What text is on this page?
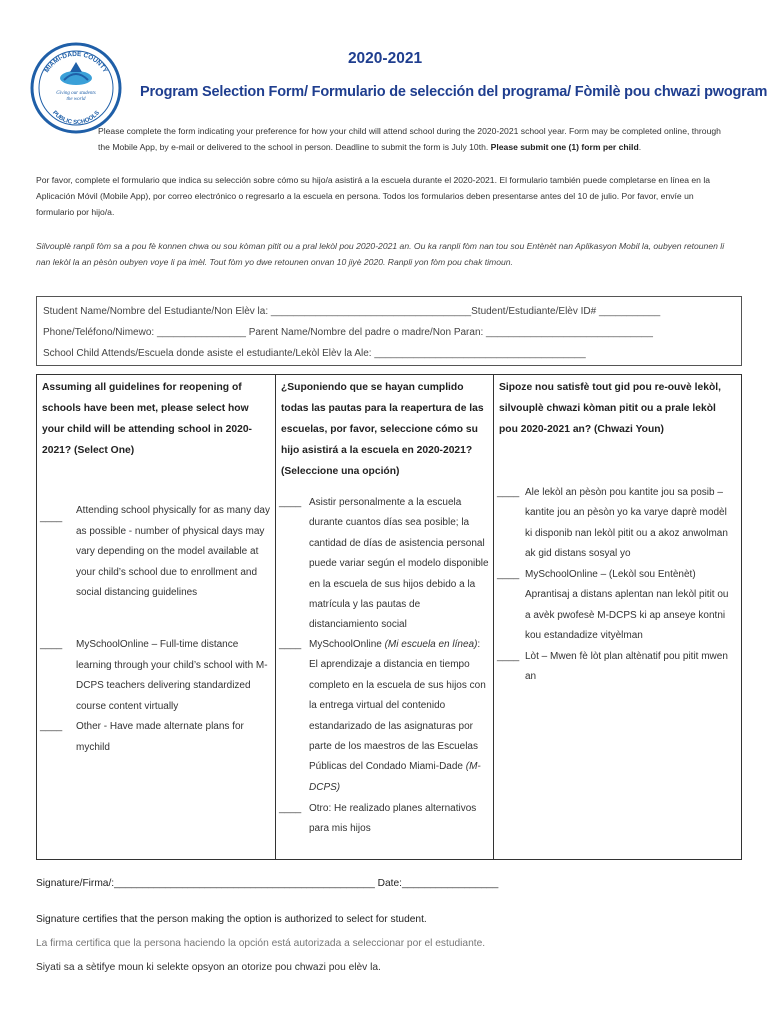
MIAMI-DADE COUNTY
Giving our students
the world
PUBLIC SCHOOLS
2020-2021
Program Selection Form/ Formulario de selección del programa/ Fòmilè pou chwazi pwogram
Please complete the form indicating your preference for how your child will attend school during the 2020-2021 school year. Form may be completed online, through
the Mobile App, by e-mail or delivered to the school in person. Deadline to submit the form is July 10th. Please submit one (1) form per child.
Por favor, complete el formulario que indica su selección sobre cómo su hijo/a asistirá a la escuela durante el 2020-2021. El formulario también puede completarse en línea en la
Aplicación Móvil (Mobile App), por correo electrónico o regresarlo a la escuela en persona. Todos los formularios deben presentarse antes del 10 de julio. Por favor, envíe un
formulario por hijo/a.
Silvouplè ranpli fòm sa a pou fè konnen chwa ou sou kòman pitit ou a pral lekòl pou 2020-2021 an. Ou ka ranpli fòm nan tou sou Entènèt nan Aplikasyon Mobil la, oubyen retounen li
nan lekòl la an pèsòn oubyen voye li pa imèl. Tout fòm yo dwe retounen onvan 10 jiyè 2020. Ranpli yon fòm pou chak timoun.
Student Name/Nombre del Estudiante/Non Elèv la: ____________________________________Student/Estudiante/Elèv ID# ___________
Phone/Teléfono/Nimewo: ________________ Parent Name/Nombre del padre o madre/Non Paran: ______________________________
School Child Attends/Escuela donde asiste el estudiante/Lekòl Elèv la Ale: ______________________________________
Assuming all guidelines for reopening of schools have been met, please select how your child will be attending school in 2020-2021? (Select One)
____
Attending school physically for as many day as possible - number of physical days may vary depending on the model available at your child’s school due to enrollment and social distancing guidelines
____	MySchoolOnline – Full-time distance learning through your child’s school with M-DCPS teachers delivering standardized course content virtually
____	Other - Have made alternate plans for mychild
¿Suponiendo que se hayan cumplido todas las pautas para la reapertura de las escuelas, por favor, seleccione cómo su hijo asistirá a la escuela en 2020-2021? (Seleccione una opción)
____ Asistir personalmente a la escuela durante cuantos días sea posible; la cantidad de días de asistencia personal puede variar según el modelo disponible en la escuela de sus hijos debido a la matrícula y las pautas de distanciamiento social
____ MySchoolOnline (Mi escuela en línea): El aprendizaje a distancia en tiempo completo en la escuela de sus hijos con la entrega virtual del contenido estandarizado de las asignaturas por parte de los maestros de las Escuelas Públicas del Condado Miami-Dade (M-DCPS)
____ Otro: He realizado planes alternativos para mis hijos
Sipoze nou satisfè tout gid pou re-ouvè lekòl, silvouplè chwazi kòman pitit ou a prale lekòl pou 2020-2021 an? (Chwazi Youn)
____ Ale lekòl an pèsòn pou kantite jou sa posib – kantite jou an pèsòn yo ka varye daprè modèl ki disponib nan lekòl pitit ou a akoz anwolman ak gid distans sosyal yo
____ MySchoolOnline – (Lekòl sou Entènèt) Aprantisaj a distans aplentan nan lekòl pitit ou a avèk pwofesè M-DCPS ki ap anseye kontni kou estandadize vityèlman
____ Lòt – Mwen fè lòt plan altènatif pou pitit mwen an
Signature/Firma/:______________________________________________ Date:_________________
Signature certifies that the person making the option is authorized to select for student.
La firma certifica que la persona haciendo la opción está autorizada a seleccionar por el estudiante.
Siyati sa a sètifye moun ki selekte opsyon an otorize pou chwazi pou elèv la.
